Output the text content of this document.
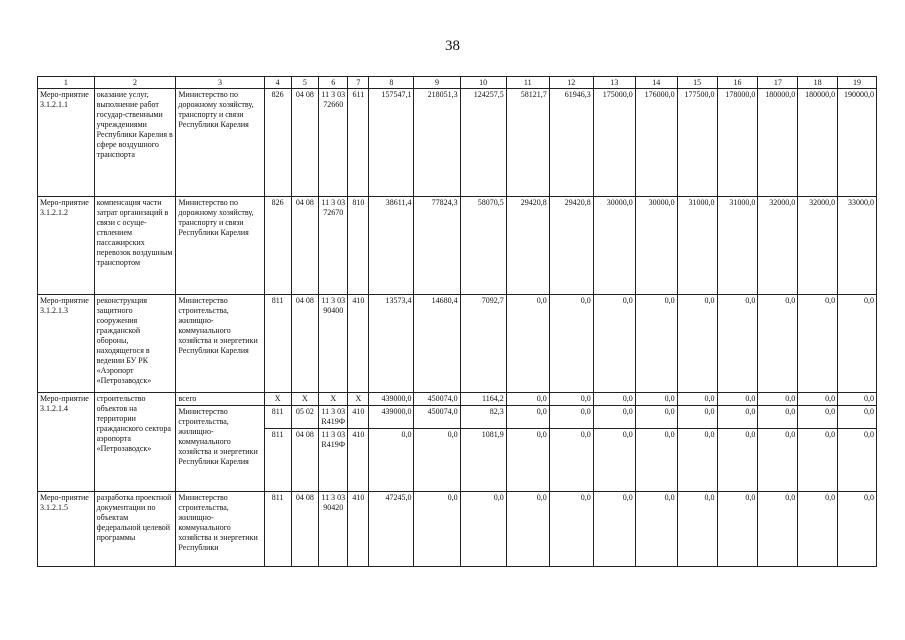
38
1	2	3	4	5	6	7	8	9	10	11	12	13	14	15	16	17	18	19
Меро-приятие 3.1.2.1.1	оказание услуг, выполнение работ государ-ственными учреждениями Республики Карелия в сфере воздушного транспорта	Министерство по дорожному хозяйству, транспорту и связи Республики Карелия	826	04 08	11 3 03 72660	611	157547,1	218051,3	124257,5	58121,7	61946,3	175000,0	176000,0	177500,0	178000,0	180000,0	180000,0	190000,0
Меро-приятие 3.1.2.1.2	компенсация части затрат организаций в связи с осуще-ствлением пассажирских перевозок воздушным транспортом	Министерство по дорожному хозяйству, транспорту и связи Республики Карелия	826	04 08	11 3 03 72670	810	38611,4	77824,3	58070,5	29420,8	29420,8	30000,0	30000,0	31000,0	31000,0	32000,0	32000,0	33000,0
Меро-приятие 3.1.2.1.3	реконструкция защитного сооружения гражданской обороны, находящегося в ведении БУ РК «Аэропорт «Петрозаводск»	Министерство строительства, жилищно-коммунального хозяйства и энергетики Республики Карелия	811	04 08	11 3 03 90400	410	13573,4	14680,4	7092,7	0,0	0,0	0,0	0,0	0,0	0,0	0,0	0,0	0,0
Меро-приятие 3.1.2.1.4	строительство объектов на территории гражданского сектора аэропорта «Петрозаводск»	всего	X	X	X	X	439000,0	450074,0	1164,2	0,0	0,0	0,0	0,0	0,0	0,0	0,0	0,0	0,0
		Министерство строительства, жилищно-коммунального хозяйства и энергетики Республики Карелия	811	05 02	11 3 03 R419Ф	410	439000,0	450074,0	82,3	0,0	0,0	0,0	0,0	0,0	0,0	0,0	0,0	0,0
			811	04 08	11 3 03 R419Ф	410	0,0	0,0	1081,9	0,0	0,0	0,0	0,0	0,0	0,0	0,0	0,0	0,0
Меро-приятие 3.1.2.1.5	разработка проектной документации по объектам федеральной целевой программы	Министерство строительства, жилищно-коммунального хозяйства и энергетики Республики	811	04 08	11 3 03 90420	410	47245,0	0,0	0,0	0,0	0,0	0,0	0,0	0,0	0,0	0,0	0,0	0,0
